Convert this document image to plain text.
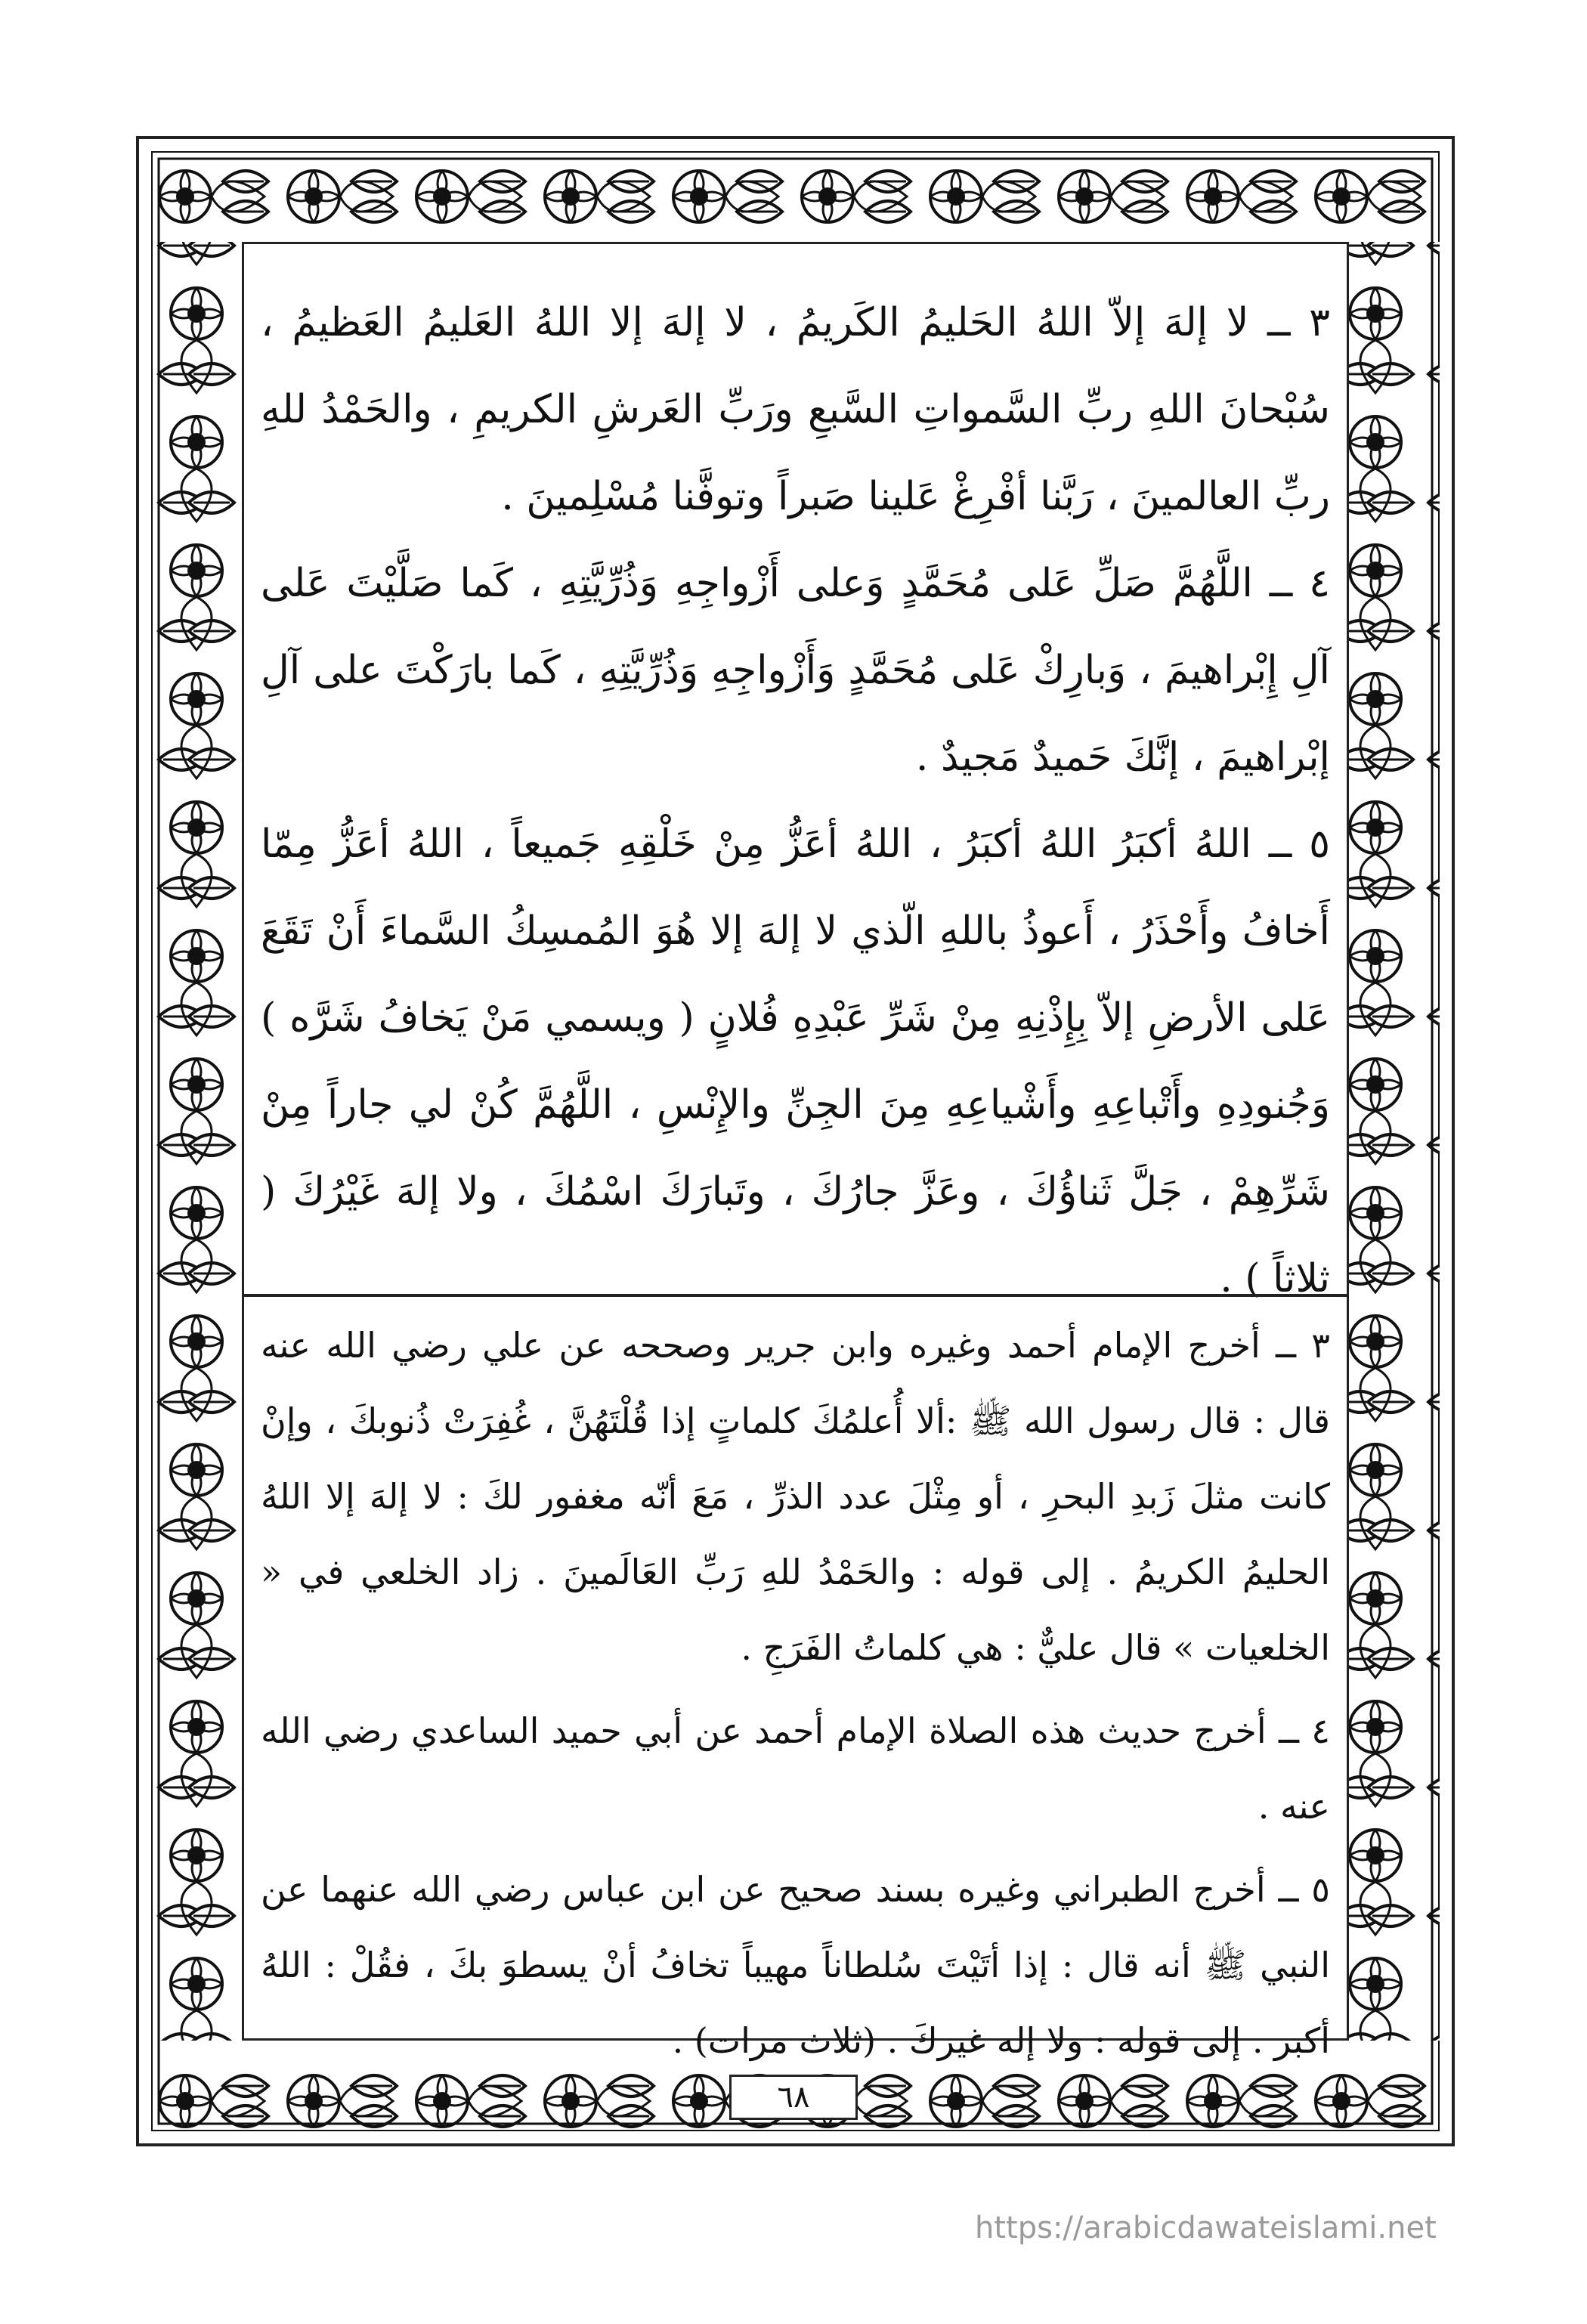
٣ ــ لا إلهَ إلاّ اللهُ الحَليمُ الكَريمُ ، لا إلهَ إلا اللهُ العَليمُ العَظيمُ ، سُبْحانَ اللهِ ربِّ السَّمواتِ السَّبعِ ورَبِّ العَرشِ الكريمِ ، والحَمْدُ للهِ ربِّ العالمينَ ، رَبَّنا أفْرِغْ عَلينا صَبراً وتوفَّنا مُسْلِمينَ .

٤ ــ اللَّهُمَّ صَلِّ عَلى مُحَمَّدٍ وَعلى أَزْواجِهِ وَذُرِّيَّتِهِ ، كَما صَلَّيْتَ عَلى آلِ إِبْراهيمَ ، وَبارِكْ عَلى مُحَمَّدٍ وَأَزْواجِهِ وَذُرِّيَّتِهِ ، كَما بارَكْتَ على آلِ إبْراهيمَ ، إنَّكَ حَميدٌ مَجيدٌ .

٥ ــ اللهُ أكبَرُ اللهُ أكبَرُ ، اللهُ أعَزُّ مِنْ خَلْقِهِ جَميعاً ، اللهُ أعَزُّ مِمّا أَخافُ وأَحْذَرُ ، أَعوذُ باللهِ الّذي لا إلهَ إلا هُوَ المُمسِكُ السَّماءَ أَنْ تَقَعَ عَلى الأرضِ إلاّ بِإِذْنِهِ مِنْ شَرِّ عَبْدِهِ فُلانٍ ( ويسمي مَنْ يَخافُ شَرَّه ) وَجُنودِهِ وأَتْباعِهِ وأَشْياعِهِ مِنَ الجِنِّ والإِنْسِ ، اللَّهُمَّ كُنْ لي جاراً مِنْ شَرِّهِمْ ، جَلَّ ثَناؤُكَ ، وعَزَّ جارُكَ ، وتَبارَكَ اسْمُكَ ، ولا إلهَ غَيْرُكَ ( ثلاثاً ) .

٣ ــ أخرج الإمام أحمد وغيره وابن جرير وصححه عن علي رضي الله عنه قال : قال رسول الله ﷺ :ألا أُعلمُكَ كلماتٍ إذا قُلْتَهُنَّ ، غُفِرَتْ ذُنوبكَ ، وإنْ كانت مثلَ زَبدِ البحرِ ، أو مِثْلَ عدد الذرِّ ، مَعَ أنّه مغفور لكَ : لا إلهَ إلا اللهُ الحليمُ الكريمُ . إلى قوله : والحَمْدُ للهِ رَبِّ العَالَمينَ . زاد الخلعي في « الخلعيات » قال عليٌّ : هي كلماتُ الفَرَجِ .

٤ ــ أخرج حديث هذه الصلاة الإمام أحمد عن أبي حميد الساعدي رضي الله عنه .

٥ ــ أخرج الطبراني وغيره بسند صحيح عن ابن عباس رضي الله عنهما عن النبي ﷺ أنه قال : إذا أتَيْتَ سُلطاناً مهيباً تخافُ أنْ يسطوَ بكَ ، فقُلْ : اللهُ أكبر . إلى قوله : ولا إله غيركَ . (ثلاث مرات) .

٦٨
https://arabicdawateislami.net
